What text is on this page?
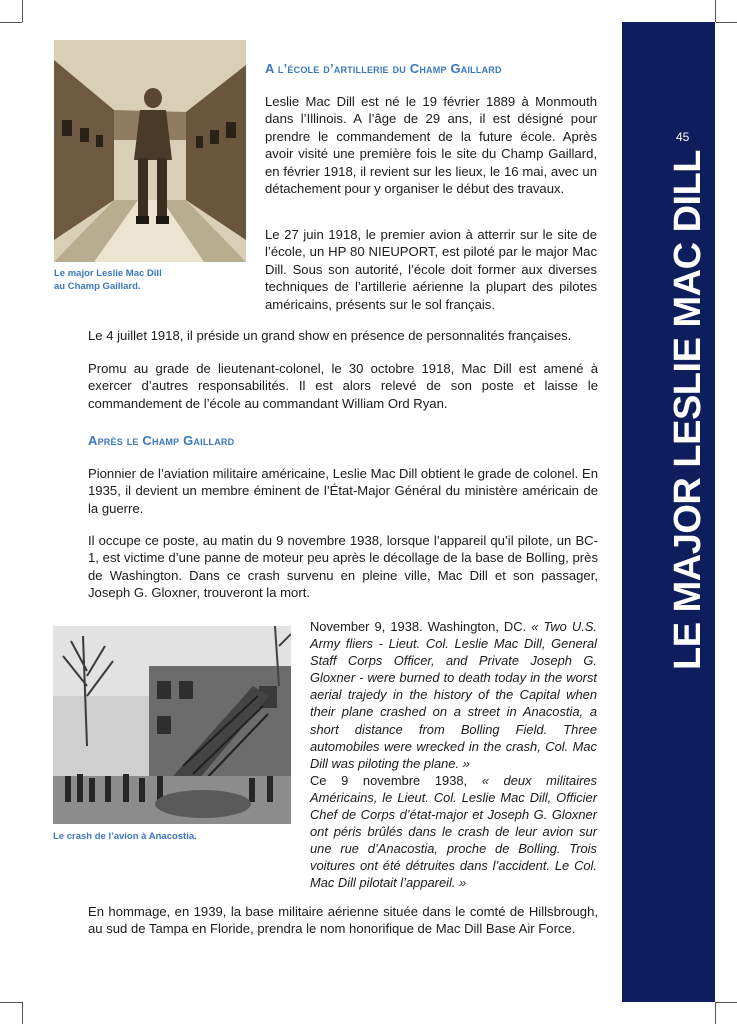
Le major Leslie Mac Dill
au Champ Gaillard.
A l’école d’artillerie du Champ Gaillard
Leslie Mac Dill est né le 19 février 1889 à Monmouth dans l’Illinois. A l’âge de 29 ans, il est désigné pour prendre le commandement de la future école. Après avoir visité une première fois le site du Champ Gaillard, en février 1918, il revient sur les lieux, le 16 mai, avec un détachement pour y organiser le début des travaux.
Le 27 juin 1918, le premier avion à atterrir sur le site de l’école, un HP 80 NIEUPORT, est piloté par le major Mac Dill. Sous son autorité, l’école doit former aux diverses techniques de l’artillerie aérienne la plupart des pilotes américains, présents sur le sol français.
Le 4 juillet 1918, il préside un grand show en présence de personnalités françaises.
Promu au grade de lieutenant-colonel, le 30 octobre 1918, Mac Dill est amené à exercer d’autres responsabilités. Il est alors relevé de son poste et laisse le commandement de l’école au commandant William Ord Ryan.
Après le Champ Gaillard
Pionnier de l’aviation militaire américaine, Leslie Mac Dill obtient le grade de colonel. En 1935, il devient un membre éminent de l’État-Major Général du ministère américain de la guerre.
Il occupe ce poste, au matin du 9 novembre 1938, lorsque l’appareil qu’il pilote, un BC-1, est victime d’une panne de moteur peu après le décollage de la base de Bolling, près de Washington. Dans ce crash survenu en pleine ville, Mac Dill et son passager, Joseph G. Gloxner, trouveront la mort.
Le crash de l’avion à Anacostia.
November 9, 1938. Washington, DC. « Two U.S. Army fliers - Lieut. Col. Leslie Mac Dill, General Staff Corps Officer, and Private Joseph G. Gloxner - were burned to death today in the worst aerial trajedy in the history of the Capital when their plane crashed on a street in Anacostia, a short distance from Bolling Field. Three automobiles were wrecked in the crash, Col. Mac Dill was piloting the plane. »
Ce 9 novembre 1938, « deux militaires Américains, le Lieut. Col. Leslie Mac Dill, Officier Chef de Corps d’état-major et Joseph G. Gloxner ont péris brûlés dans le crash de leur avion sur une rue d’Anacostia, proche de Bolling. Trois voitures ont été détruites dans l’accident. Le Col. Mac Dill pilotait l’appareil. »
En hommage, en 1939, la base militaire aérienne située dans le comté de Hillsbrough, au sud de Tampa en Floride, prendra le nom honorifique de Mac Dill Base Air Force.
45
LE MAJOR LESLIE MAC DILL
